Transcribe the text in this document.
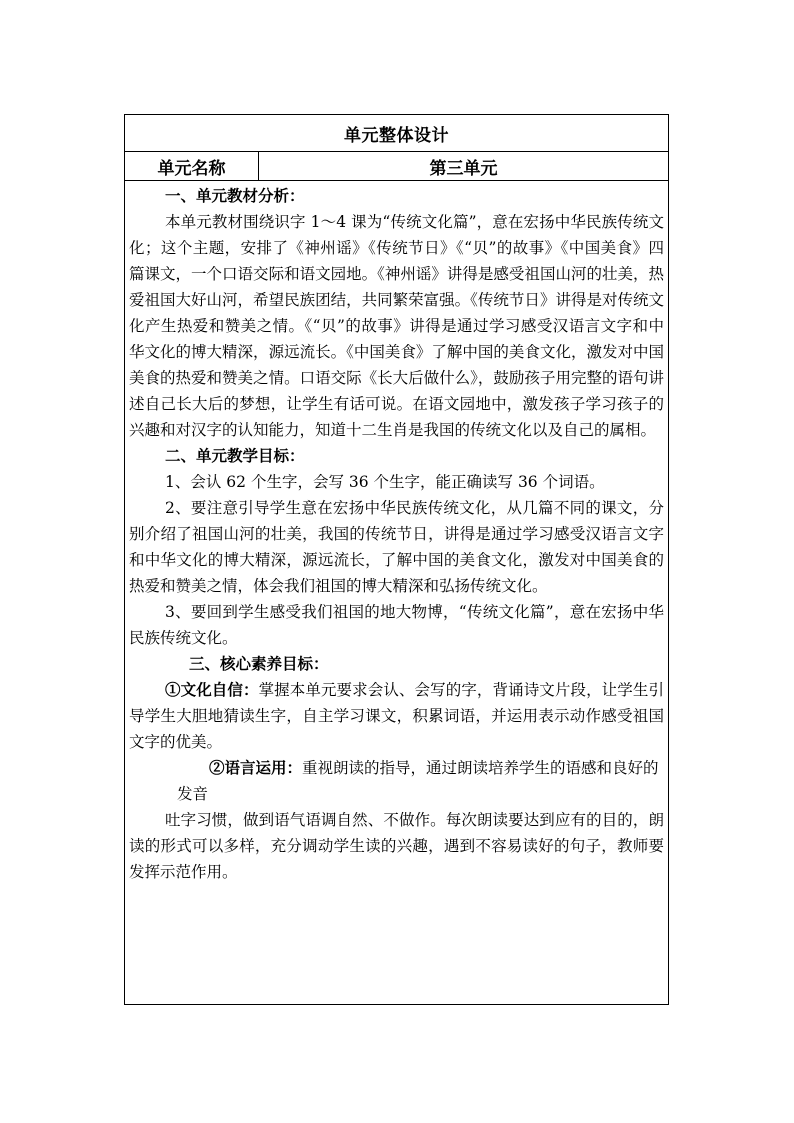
单元整体设计
单元名称	第三单元

一、单元教材分析：

本单元教材围绕识字 1～4 课为“传统文化篇”，意在宏扬中华民族传统文化；这个主题，安排了《神州谣》《传统节日》《“贝”的故事》《中国美食》四篇课文，一个口语交际和语文园地。《神州谣》讲得是感受祖国山河的壮美，热爱祖国大好山河，希望民族团结，共同繁荣富强。《传统节日》讲得是对传统文化产生热爱和赞美之情。《“贝”的故事》讲得是通过学习感受汉语言文字和中华文化的博大精深，源远流长。《中国美食》了解中国的美食文化，激发对中国美食的热爱和赞美之情。口语交际《长大后做什么》，鼓励孩子用完整的语句讲述自己长大后的梦想，让学生有话可说。在语文园地中，激发孩子学习孩子的兴趣和对汉字的认知能力，知道十二生肖是我国的传统文化以及自己的属相。

二、单元教学目标：

1、会认 62 个生字，会写 36 个生字，能正确读写 36 个词语。

2、要注意引导学生意在宏扬中华民族传统文化，从几篇不同的课文，分别介绍了祖国山河的壮美，我国的传统节日，讲得是通过学习感受汉语言文字和中华文化的博大精深，源远流长，了解中国的美食文化，激发对中国美食的热爱和赞美之情，体会我们祖国的博大精深和弘扬传统文化。

3、要回到学生感受我们祖国的地大物博，“传统文化篇”，意在宏扬中华民族传统文化。

三、核心素养目标：

①文化自信：掌握本单元要求会认、会写的字，背诵诗文片段，让学生引导学生大胆地猜读生字，自主学习课文，积累词语，并运用表示动作感受祖国文字的优美。

②语言运用：重视朗读的指导，通过朗读培养学生的语感和良好的

发音

吐字习惯，做到语气语调自然、不做作。每次朗读要达到应有的目的，朗读的形式可以多样，充分调动学生读的兴趣，遇到不容易读好的句子，教师要发挥示范作用。
